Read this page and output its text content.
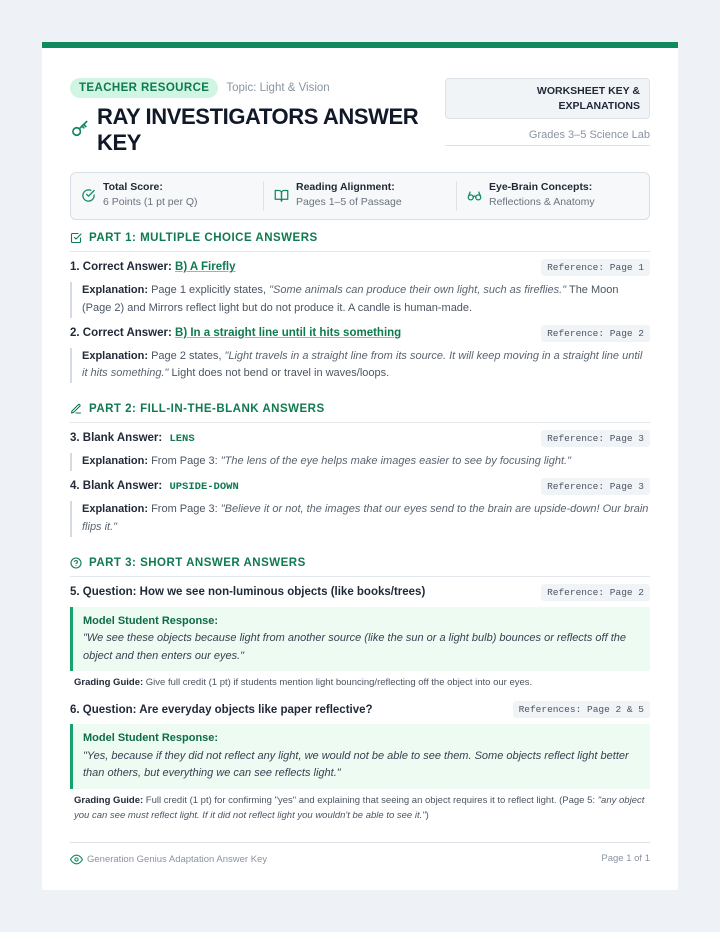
TEACHER RESOURCE	Topic: Light & Vision
RAY INVESTIGATORS ANSWER KEY
WORKSHEET KEY & EXPLANATIONS
Grades 3–5 Science Lab
Total Score:
6 Points (1 pt per Q)
Reading Alignment:
Pages 1–5 of Passage
Eye-Brain Concepts:
Reflections & Anatomy
PART 1: MULTIPLE CHOICE ANSWERS
1. Correct Answer: B) A Firefly	Reference: Page 1
Explanation: Page 1 explicitly states, "Some animals can produce their own light, such as fireflies." The Moon (Page 2) and Mirrors reflect light but do not produce it. A candle is human-made.
2. Correct Answer: B) In a straight line until it hits something	Reference: Page 2
Explanation: Page 2 states, "Light travels in a straight line from its source. It will keep moving in a straight line until it hits something." Light does not bend or travel in waves/loops.
PART 2: FILL-IN-THE-BLANK ANSWERS
3. Blank Answer: LENS	Reference: Page 3
Explanation: From Page 3: "The lens of the eye helps make images easier to see by focusing light."
4. Blank Answer: UPSIDE-DOWN	Reference: Page 3
Explanation: From Page 3: "Believe it or not, the images that our eyes send to the brain are upside-down! Our brain flips it."
PART 3: SHORT ANSWER ANSWERS
5. Question: How we see non-luminous objects (like books/trees)	Reference: Page 2
Model Student Response:
"We see these objects because light from another source (like the sun or a light bulb) bounces or reflects off the object and then enters our eyes."
Grading Guide: Give full credit (1 pt) if students mention light bouncing/reflecting off the object into our eyes.
6. Question: Are everyday objects like paper reflective?	References: Page 2 & 5
Model Student Response:
"Yes, because if they did not reflect any light, we would not be able to see them. Some objects reflect light better than others, but everything we can see reflects light."
Grading Guide: Full credit (1 pt) for confirming "yes" and explaining that seeing an object requires it to reflect light. (Page 5: "any object you can see must reflect light. If it did not reflect light you wouldn't be able to see it.")
Generation Genius Adaptation Answer Key	Page 1 of 1
